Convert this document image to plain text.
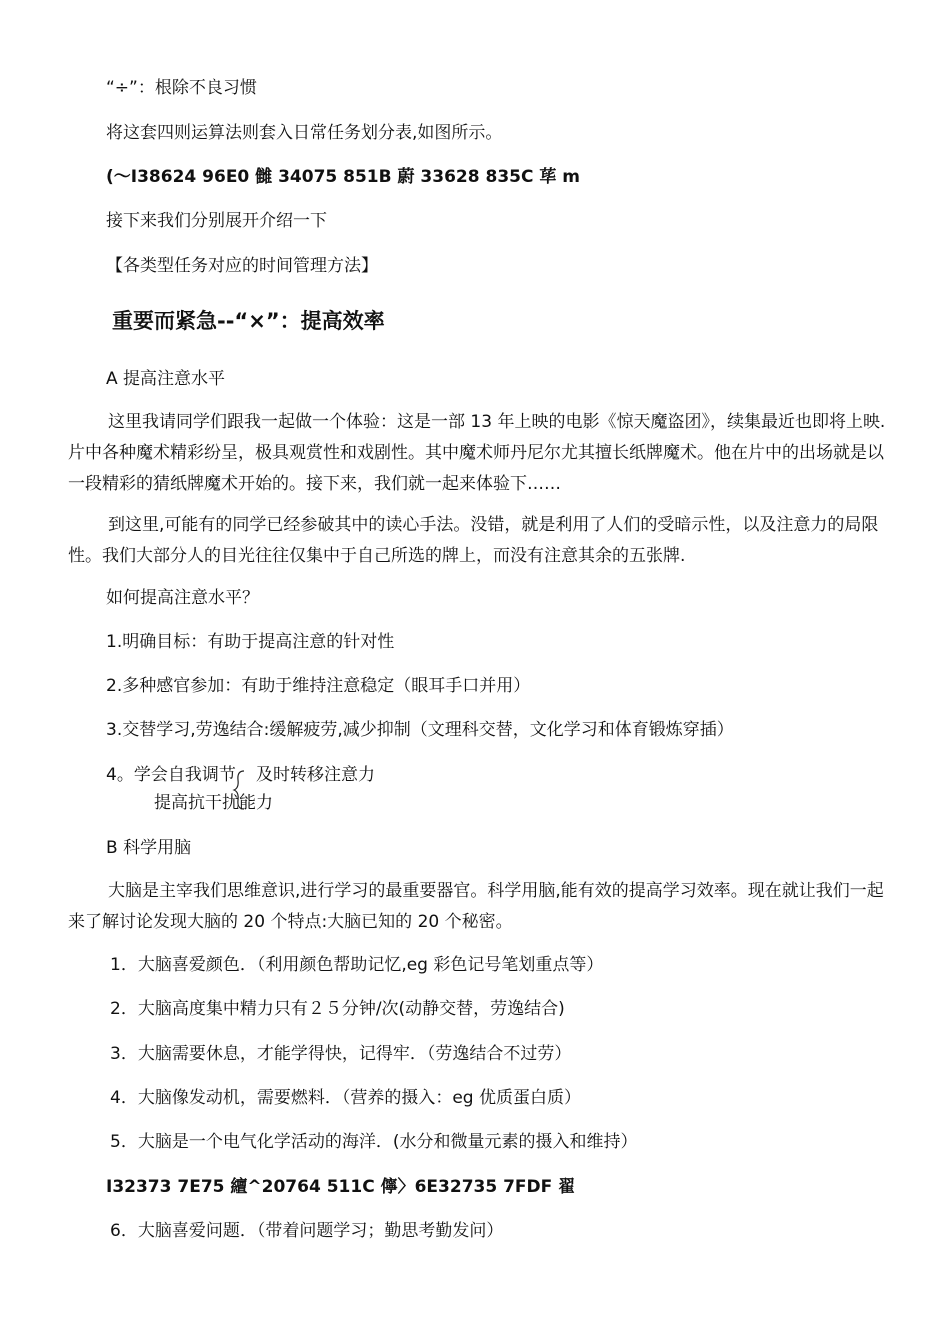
“÷”：根除不良习惯
将这套四则运算法则套入日常任务划分表,如图所示。
(～I38624 96E0 雠 34075 851B 蔚 33628 835C 荜 m
接下来我们分别展开介绍一下
【各类型任务对应的时间管理方法】
重要而紧急--“×”：提高效率
A 提高注意水平
这里我请同学们跟我一起做一个体验：这是一部 13 年上映的电影《惊天魔盗团》，续集最近也即将上映.片中各种魔术精彩纷呈，极具观赏性和戏剧性。其中魔术师丹尼尔尤其擅长纸牌魔术。他在片中的出场就是以一段精彩的猜纸牌魔术开始的。接下来，我们就一起来体验下……
到这里,可能有的同学已经参破其中的读心手法。没错，就是利用了人们的受暗示性，以及注意力的局限性。我们大部分人的目光往往仅集中于自己所选的牌上，而没有注意其余的五张牌.
如何提高注意水平？
1.明确目标：有助于提高注意的针对性
2.多种感官参加：有助于维持注意稳定（眼耳手口并用）
3.交替学习,劳逸结合:缓解疲劳,减少抑制（文理科交替，文化学习和体育锻炼穿插）
4。学会自我调节 及时转移注意力
提高抗干扰能力
B 科学用脑
大脑是主宰我们思维意识,进行学习的最重要器官。科学用脑,能有效的提高学习效率。现在就让我们一起来了解讨论发现大脑的 20 个特点:大脑已知的 20 个秘密。
1．大脑喜爱颜色．（利用颜色帮助记忆,eg 彩色记号笔划重点等）
2．大脑高度集中精力只有２５分钟/次(动静交替，劳逸结合)
3．大脑需要休息，才能学得快，记得牢．（劳逸结合不过劳）
4．大脑像发动机，需要燃料．（营养的摄入：eg 优质蛋白质）
5．大脑是一个电气化学活动的海洋．(水分和微量元素的摄入和维持）
I32373 7E75 繵^20764 511C 儜〉6E32735 7FDF 翟
6．大脑喜爱问题．（带着问题学习；勤思考勤发问）
